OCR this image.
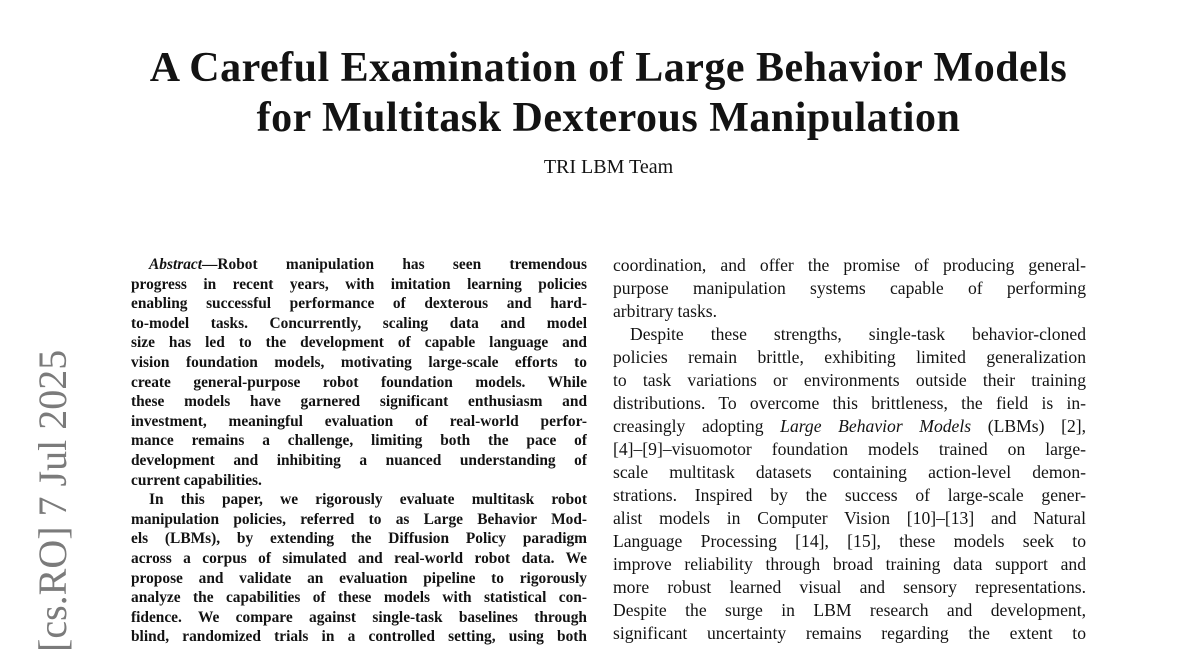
[cs.RO] 7 Jul 2025
A Careful Examination of Large Behavior Models
for Multitask Dexterous Manipulation
TRI LBM Team
Abstract—Robot manipulation has seen tremendous
progress in recent years, with imitation learning policies
enabling successful performance of dexterous and hard-
to-model tasks. Concurrently, scaling data and model
size has led to the development of capable language and
vision foundation models, motivating large-scale efforts to
create general-purpose robot foundation models. While
these models have garnered significant enthusiasm and
investment, meaningful evaluation of real-world perfor-
mance remains a challenge, limiting both the pace of
development and inhibiting a nuanced understanding of
current capabilities.
In this paper, we rigorously evaluate multitask robot
manipulation policies, referred to as Large Behavior Mod-
els (LBMs), by extending the Diffusion Policy paradigm
across a corpus of simulated and real-world robot data. We
propose and validate an evaluation pipeline to rigorously
analyze the capabilities of these models with statistical con-
fidence. We compare against single-task baselines through
blind, randomized trials in a controlled setting, using both
coordination, and offer the promise of producing general-
purpose manipulation systems capable of performing
arbitrary tasks.
Despite these strengths, single-task behavior-cloned
policies remain brittle, exhibiting limited generalization
to task variations or environments outside their training
distributions. To overcome this brittleness, the field is in-
creasingly adopting Large Behavior Models (LBMs) [2],
[4]–[9]–visuomotor foundation models trained on large-
scale multitask datasets containing action-level demon-
strations. Inspired by the success of large-scale gener-
alist models in Computer Vision [10]–[13] and Natural
Language Processing [14], [15], these models seek to
improve reliability through broad training data support and
more robust learned visual and sensory representations.
Despite the surge in LBM research and development,
significant uncertainty remains regarding the extent to
